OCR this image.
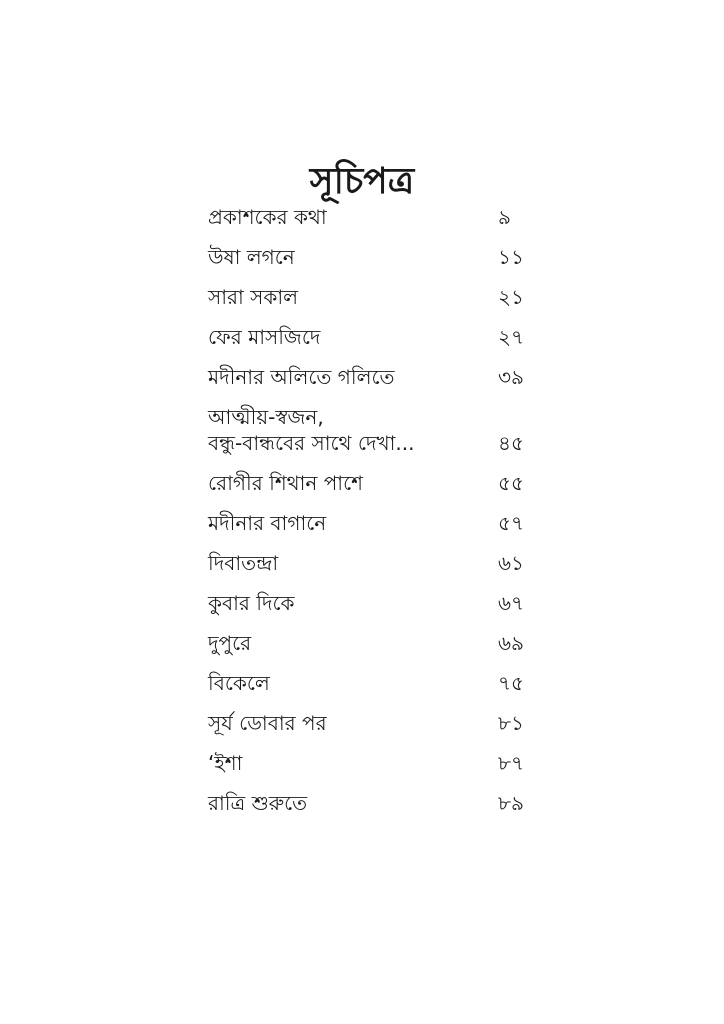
সূচিপত্র
প্রকাশকের কথা	৯
উষা লগনে	১১
সারা সকাল	২১
ফের মাসজিদে	২৭
মদীনার অলিতে গলিতে	৩৯
আত্মীয়-স্বজন,
বন্ধু-বান্ধবের সাথে দেখা...	৪৫
রোগীর শিথান পাশে	৫৫
মদীনার বাগানে	৫৭
দিবাতন্দ্রা	৬১
কুবার দিকে	৬৭
দুপুরে	৬৯
বিকেলে	৭৫
সূর্য ডোবার পর	৮১
‘ইশা	৮৭
রাত্রি শুরুতে	৮৯
